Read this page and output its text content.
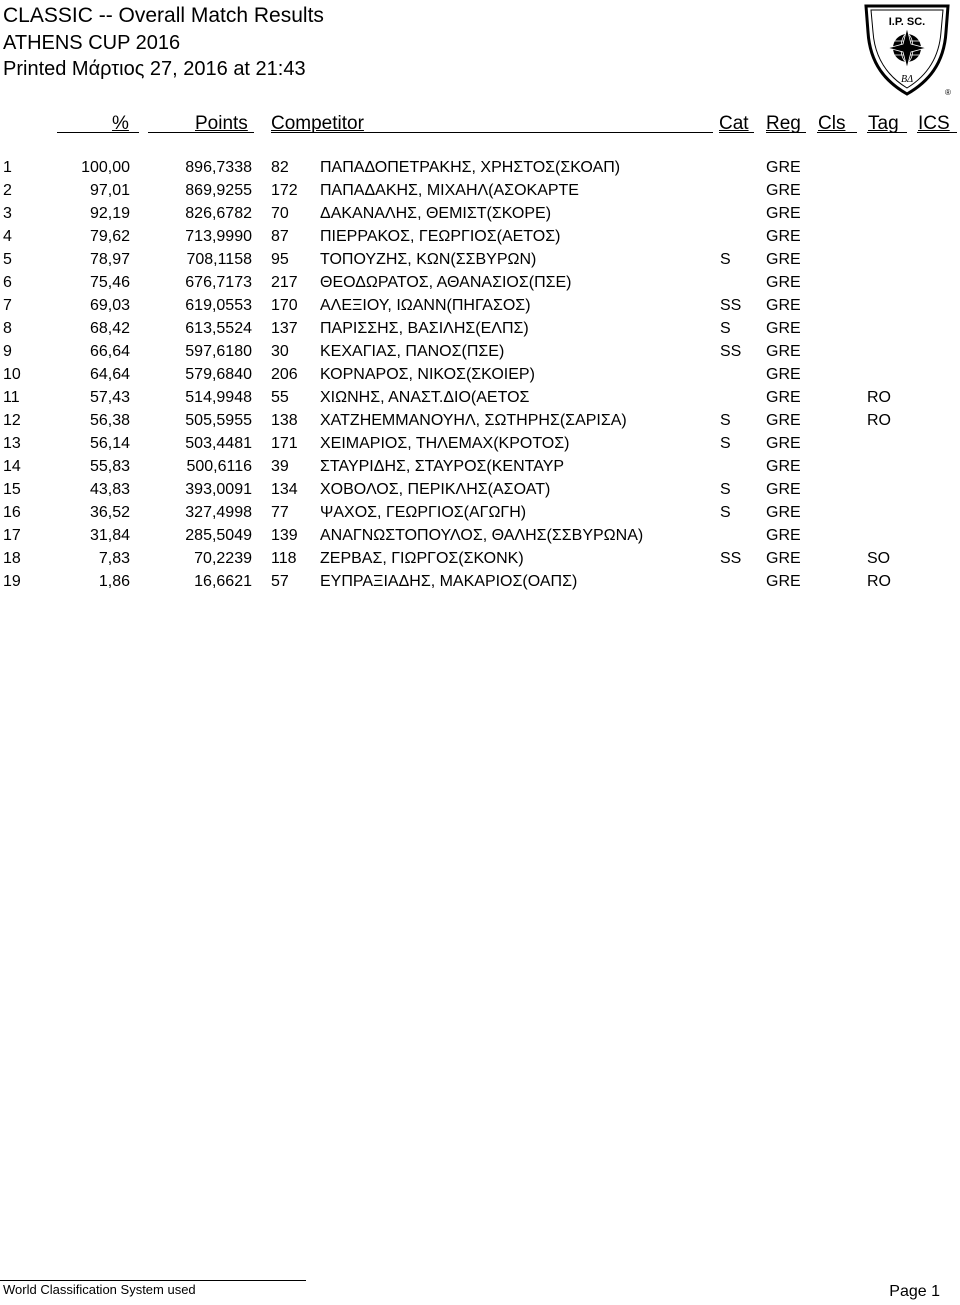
CLASSIC -- Overall Match Results
ATHENS CUP 2016
Printed Μάρτιος 27, 2016 at 21:43
I.P. SC.
ΒΔ
®
%	Points Competitor	Cat Reg Cls Tag ICS
1	100,00	896,7338 82 ΠΑΠΑΔΟΠΕΤΡΑΚΗΣ, ΧΡΗΣΤΟΣ(ΣΚΟΑΠ)	GRE
2	97,01	869,9255 172 ΠΑΠΑΔΑΚΗΣ, ΜΙΧΑΗΛ(ΑΣΟΚΑΡΤΕ	GRE
3	92,19	826,6782 70 ΔΑΚΑΝΑΛΗΣ, ΘΕΜΙΣΤ(ΣΚΟΡΕ)	GRE
4	79,62	713,9990 87 ΠΙΕΡΡΑΚΟΣ, ΓΕΩΡΓΙΟΣ(ΑΕΤΟΣ)	GRE
5	78,97	708,1158 95 ΤΟΠΟΥΖΗΣ, ΚΩΝ(ΣΣΒΥΡΩΝ)	S GRE
6	75,46	676,7173 217 ΘΕΟΔΩΡΑΤΟΣ, ΑΘΑΝΑΣΙΟΣ(ΠΣΕ)	GRE
7	69,03	619,0553 170 ΑΛΕΞΙΟΥ, ΙΩΑΝΝ(ΠΗΓΑΣΟΣ)	SS GRE
8	68,42	613,5524 137 ΠΑΡΙΣΣΗΣ, ΒΑΣΙΛΗΣ(ΕΛΠΣ)	S GRE
9	66,64	597,6180 30 ΚΕΧΑΓΙΑΣ, ΠΑΝΟΣ(ΠΣΕ)	SS GRE
10	64,64	579,6840 206 ΚΟΡΝΑΡΟΣ, ΝΙΚΟΣ(ΣΚΟΙΕΡ)	GRE
11	57,43	514,9948 55 ΧΙΩΝΗΣ, ΑΝΑΣΤ.ΔΙΟ(ΑΕΤΟΣ	GRE	RO
12	56,38	505,5955 138 ΧΑΤΖΗΕΜΜΑΝΟΥΗΛ, ΣΩΤΗΡΗΣ(ΣΑΡΙΣΑ)	S GRE	RO
13	56,14	503,4481 171 ΧΕΙΜΑΡΙΟΣ, ΤΗΛΕΜΑΧ(ΚΡΟΤΟΣ)	S GRE
14	55,83	500,6116 39 ΣΤΑΥΡΙΔΗΣ, ΣΤΑΥΡΟΣ(ΚΕΝΤΑΥΡ	GRE
15	43,83	393,0091 134 ΧΟΒΟΛΟΣ, ΠΕΡΙΚΛΗΣ(ΑΣΟΑΤ)	S GRE
16	36,52	327,4998 77 ΨΑΧΟΣ, ΓΕΩΡΓΙΟΣ(ΑΓΩΓΗ)	S GRE
17	31,84	285,5049 139 ΑΝΑΓΝΩΣΤΟΠΟΥΛΟΣ, ΘΑΛΗΣ(ΣΣΒΥΡΩΝΑ)	GRE
18	7,83	70,2239 118 ΖΕΡΒΑΣ, ΓΙΩΡΓΟΣ(ΣΚΟΝΚ)	SS GRE	SO
19	1,86	16,6621 57 ΕΥΠΡΑΞΙΑΔΗΣ, ΜΑΚΑΡΙΟΣ(ΟΑΠΣ)	GRE	RO
World Classification System used	Page 1
